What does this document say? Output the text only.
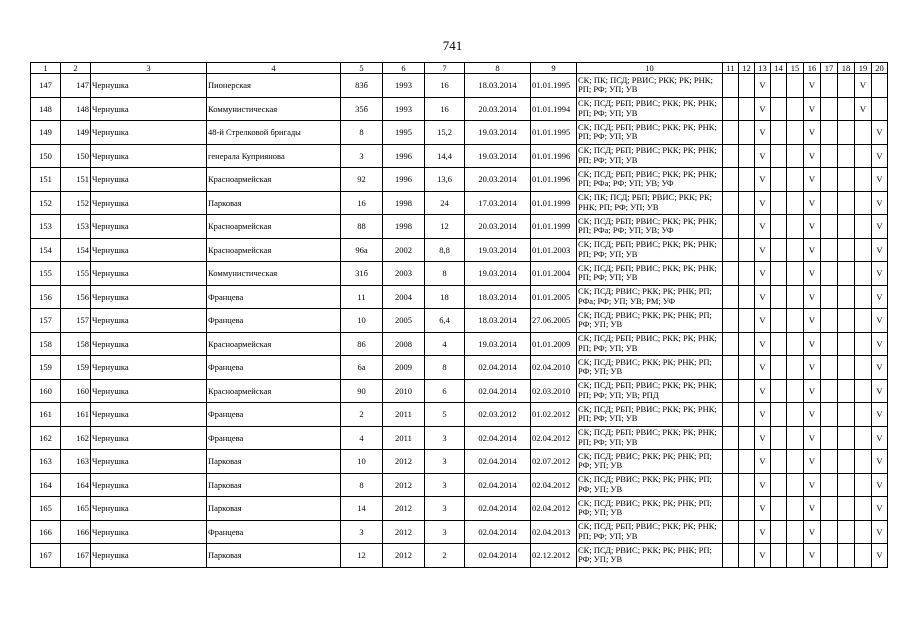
741
1	2	3	4	5	6	7	8	9	10	11	12	13	14	15	16	17	18	19	20
147	147	Чернушка	Пионерская	83б	1993	16	18.03.2014	01.01.1995	СК; ПК; ПСД; РВИС; РКК; РК; РНК; РП; РФ; УП; УВ			V			V			V	
148	148	Чернушка	Коммунистическая	35б	1993	16	20.03.2014	01.01.1994	СК; ПСД; РБП; РВИС; РКК; РК; РНК; РП; РФ; УП; УВ			V			V			V	
149	149	Чернушка	48-й Стрелковой бригады	8	1995	15,2	19.03.2014	01.01.1995	СК; ПСД; РБП; РВИС; РКК; РК; РНК; РП; РФ; УП; УВ			V			V				V
150	150	Чернушка	генерала Куприянова	3	1996	14,4	19.03.2014	01.01.1996	СК; ПСД; РБП; РВИС; РКК; РК; РНК; РП; РФ; УП; УВ			V			V				V
151	151	Чернушка	Красноармейская	92	1996	13,6	20.03.2014	01.01.1996	СК; ПСД; РБП; РВИС; РКК; РК; РНК; РП; РФа; РФ; УП; УВ; УФ			V			V				V
152	152	Чернушка	Парковая	16	1998	24	17.03.2014	01.01.1999	СК; ПК; ПСД; РБП; РВИС; РКК; РК; РНК; РП; РФ; УП; УВ			V			V				V
153	153	Чернушка	Красноармейская	88	1998	12	20.03.2014	01.01.1999	СК; ПСД; РБП; РВИС; РКК; РК; РНК; РП; РФа; РФ; УП; УВ; УФ			V			V				V
154	154	Чернушка	Красноармейская	96а	2002	8,8	19.03.2014	01.01.2003	СК; ПСД; РБП; РВИС; РКК; РК; РНК; РП; РФ; УП; УВ			V			V				V
155	155	Чернушка	Коммунистическая	31б	2003	8	19.03.2014	01.01.2004	СК; ПСД; РБП; РВИС; РКК; РК; РНК; РП; РФ; УП; УВ			V			V				V
156	156	Чернушка	Францева	11	2004	18	18.03.2014	01.01.2005	СК; ПСД; РВИС; РКК; РК; РНК; РП; РФа; РФ; УП; УВ; РМ; УФ			V			V				V
157	157	Чернушка	Францева	10	2005	6,4	18.03.2014	27.06.2005	СК; ПСД; РВИС; РКК; РК; РНК; РП; РФ; УП; УВ			V			V				V
158	158	Чернушка	Красноармейская	86	2008	4	19.03.2014	01.01.2009	СК; ПСД; РБП; РВИС; РКК; РК; РНК; РП; РФ; УП; УВ			V			V				V
159	159	Чернушка	Францева	6а	2009	8	02.04.2014	02.04.2010	СК; ПСД; РВИС; РКК; РК; РНК; РП; РФ; УП; УВ			V			V				V
160	160	Чернушка	Красноармейская	90	2010	6	02.04.2014	02.03.2010	СК; ПСД; РБП; РВИС; РКК; РК; РНК; РП; РФ; УП; УВ; РПД			V			V				V
161	161	Чернушка	Францева	2	2011	5	02.03.2012	01.02.2012	СК; ПСД; РБП; РВИС; РКК; РК; РНК; РП; РФ; УП; УВ			V			V				V
162	162	Чернушка	Францева	4	2011	3	02.04.2014	02.04.2012	СК; ПСД; РБП; РВИС; РКК; РК; РНК; РП; РФ; УП; УВ			V			V				V
163	163	Чернушка	Парковая	10	2012	3	02.04.2014	02.07.2012	СК; ПСД; РВИС; РКК; РК; РНК; РП; РФ; УП; УВ			V			V				V
164	164	Чернушка	Парковая	8	2012	3	02.04.2014	02.04.2012	СК; ПСД; РВИС; РКК; РК; РНК; РП; РФ; УП; УВ			V			V				V
165	165	Чернушка	Парковая	14	2012	3	02.04.2014	02.04.2012	СК; ПСД; РВИС; РКК; РК; РНК; РП; РФ; УП; УВ			V			V				V
166	166	Чернушка	Францева	3	2012	3	02.04.2014	02.04.2013	СК; ПСД; РБП; РВИС; РКК; РК; РНК; РП; РФ; УП; УВ			V			V				V
167	167	Чернушка	Парковая	12	2012	2	02.04.2014	02.12.2012	СК; ПСД; РВИС; РКК; РК; РНК; РП; РФ; УП; УВ			V			V				V
